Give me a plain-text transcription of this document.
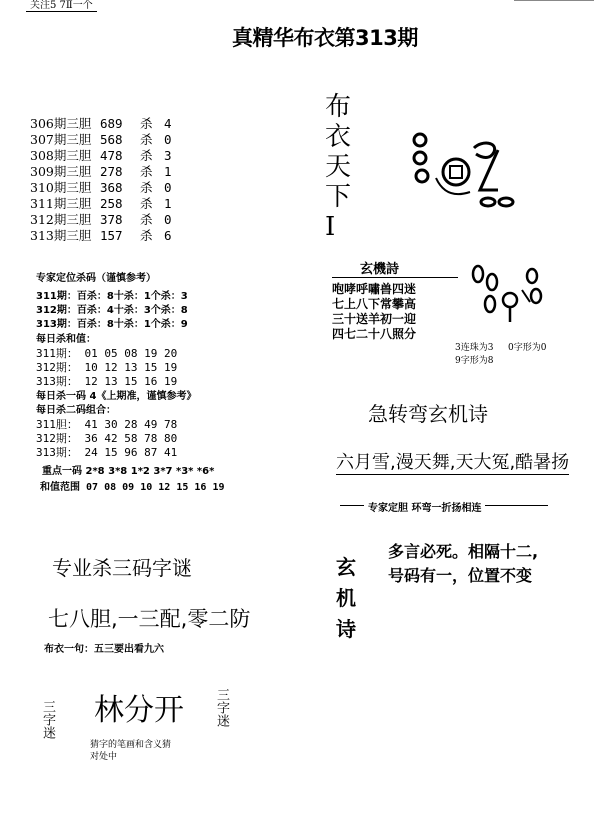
关注5 7Ⅱ一个
真精华布衣第313期
306期三胆 689	杀 4
307期三胆 568	杀 0
308期三胆 478	杀 3
309期三胆 278	杀 1
310期三胆 368	杀 0
311期三胆 258	杀 1
312期三胆 378	杀 0
313期三胆 157	杀 6
专家定位杀码（谨慎参考）
311期：百杀：8十杀：1个杀：3
312期：百杀：4十杀：3个杀：8
313期：百杀：8十杀：1个杀：9
每日杀和值：
311期： 01 05 08 19 20
312期： 10 12 13 15 19
313期： 12 13 15 16 19
每日杀一码 4《上期准，谨慎参考》
每日杀二码组合：
311胆： 41 30 28 49 78
312期： 36 42 58 78 80
313期： 24 15 96 87 41
重点一码 2*8 3*8 1*2 3*7 *3* *6*
和值范围 07 08 09 10 12 15 16 19
专业杀三码字谜
七八胆,一三配,零二防
布衣一句：五三要出看九六
三字迷 林分开 三字迷
猜字的笔画和含义猜
对处中
布衣天下Ⅰ
玄機詩
咆哮呼嘯兽四迷
七上八下常攀高
三十送羊初一迎
四七二十八照分
3连珠为3 0字形为0
9字形为8
急转弯玄机诗
六月雪,漫天舞,天大冤,酷暑扬
专家定胆 环弯一折扬相连
玄机诗
多言必死。相隔十二,
号码有一，位置不变
